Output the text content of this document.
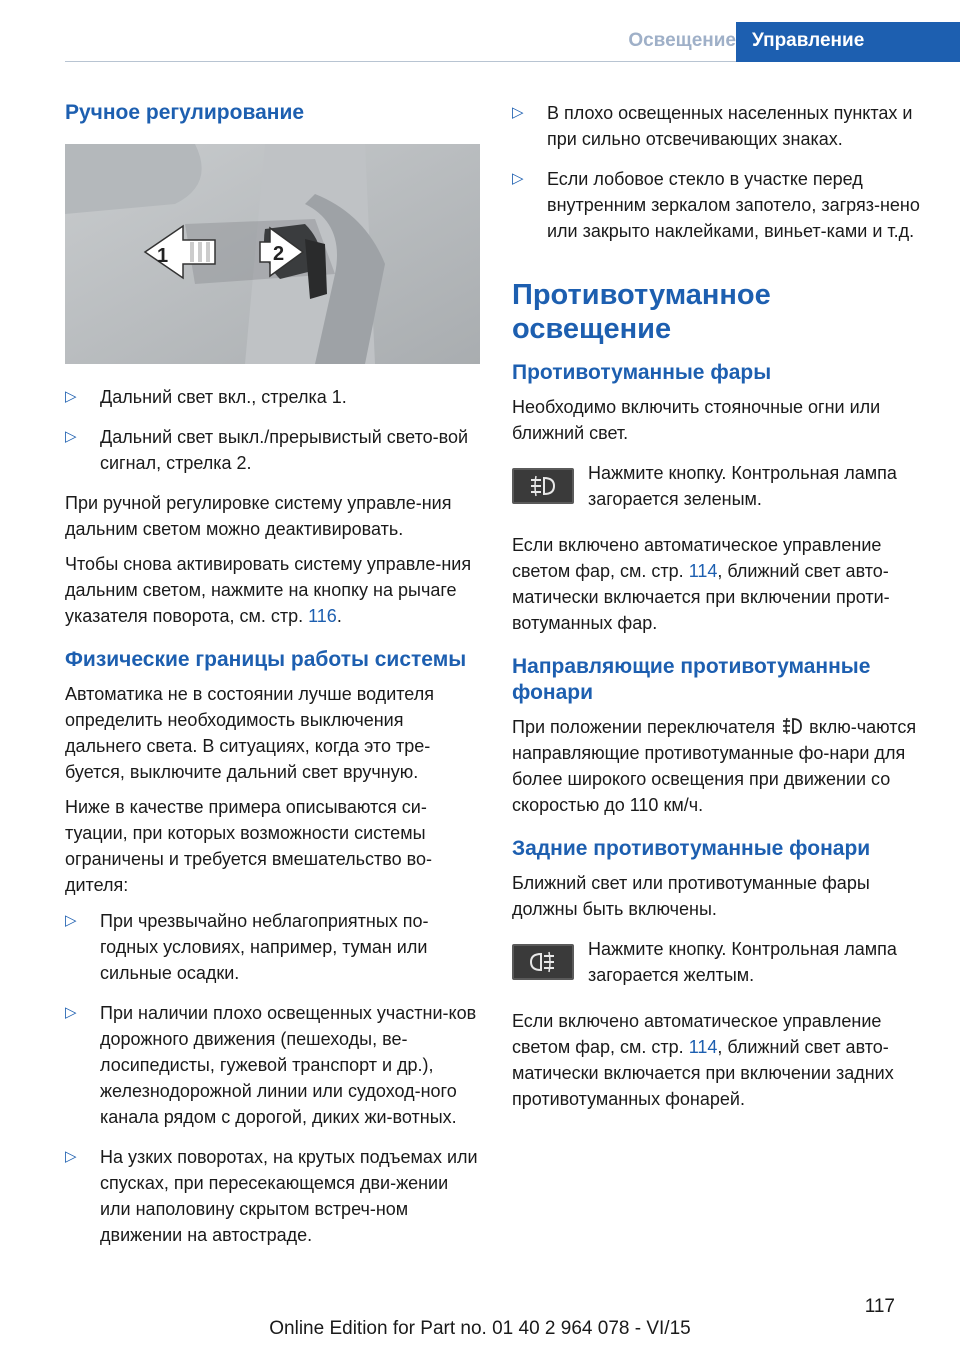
Освещение Управление
Ручное регулирование
1	2
▷ Дальний свет вкл., стрелка 1.
▷ Дальний свет выкл./прерывистый свето-вой сигнал, стрелка 2.

При ручной регулировке систему управле-ния дальним светом можно деактивировать.

Чтобы снова активировать систему управле-ния дальним светом, нажмите на кнопку на рычаге указателя поворота, см. стр. 116.

Физические границы работы системы

Автоматика не в состоянии лучше водителя определить необходимость выключения дальнего света. В ситуациях, когда это тре-буется, выключите дальний свет вручную.

Ниже в качестве примера описываются си-туации, при которых возможности системы ограничены и требуется вмешательство во-дителя:

▷ При чрезвычайно неблагоприятных по-годных условиях, например, туман или сильные осадки.
▷ При наличии плохо освещенных участни-ков дорожного движения (пешеходы, ве-лосипедисты, гужевой транспорт и др.), железнодорожной линии или судоход-ного канала рядом с дорогой, диких жи-вотных.
▷ На узких поворотах, на крутых подъемах или спусках, при пересекающемся дви-жении или наполовину скрытом встреч-ном движении на автостраде.
▷ В плохо освещенных населенных пунктах и при сильно отсвечивающих знаках.
▷ Если лобовое стекло в участке перед внутренним зеркалом запотело, загряз-нено или закрыто наклейками, виньет-ками и т.д.
Противотуманное освещение
Противотуманные фары

Необходимо включить стояночные огни или ближний свет.

Нажмите кнопку. Контрольная лампа загорается зеленым.

Если включено автоматическое управление светом фар, см. стр. 114, ближний свет авто-матически включается при включении проти-вотуманных фар.

Направляющие противотуманные фонари

При положении переключателя вклю-чаются направляющие противотуманные фо-нари для более широкого освещения при движении со скоростью до 110 км/ч.

Задние противотуманные фонари

Ближний свет или противотуманные фары должны быть включены.

Нажмите кнопку. Контрольная лампа загорается желтым.

Если включено автоматическое управление светом фар, см. стр. 114, ближний свет авто-матически включается при включении задних противотуманных фонарей.

117
Online Edition for Part no. 01 40 2 964 078 - VI/15
